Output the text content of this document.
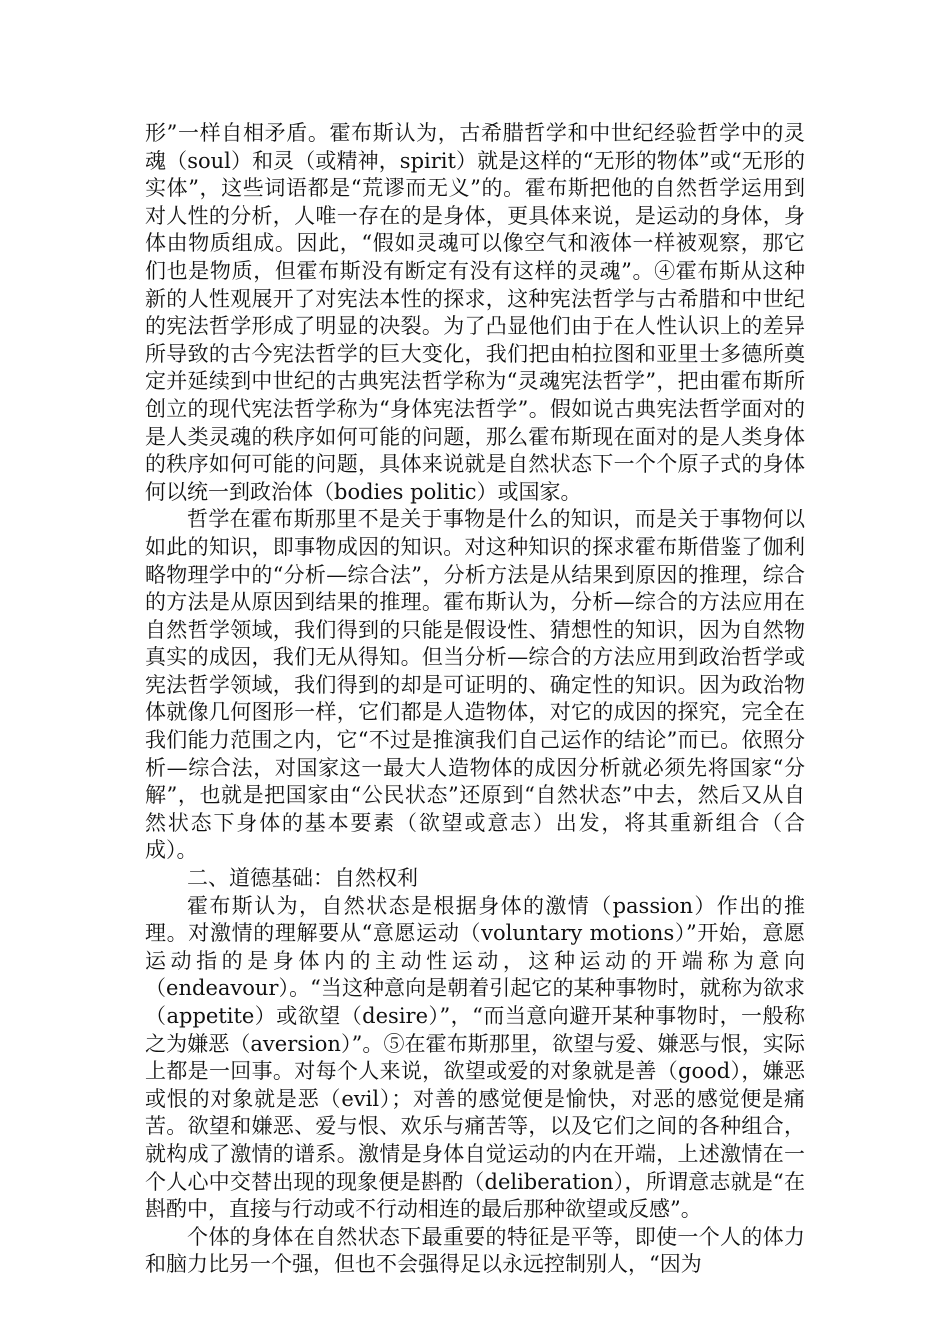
形”一样自相矛盾。霍布斯认为，古希腊哲学和中世纪经验哲学中的灵魂（soul）和灵（或精神，spirit）就是这样的“无形的物体”或“无形的实体”，这些词语都是“荒谬而无义”的。霍布斯把他的自然哲学运用到对人性的分析，人唯一存在的是身体，更具体来说，是运动的身体，身体由物质组成。因此，“假如灵魂可以像空气和液体一样被观察，那它们也是物质，但霍布斯没有断定有没有这样的灵魂”。④霍布斯从这种新的人性观展开了对宪法本性的探求，这种宪法哲学与古希腊和中世纪的宪法哲学形成了明显的决裂。为了凸显他们由于在人性认识上的差异所导致的古今宪法哲学的巨大变化，我们把由柏拉图和亚里士多德所奠定并延续到中世纪的古典宪法哲学称为“灵魂宪法哲学”，把由霍布斯所创立的现代宪法哲学称为“身体宪法哲学”。假如说古典宪法哲学面对的是人类灵魂的秩序如何可能的问题，那么霍布斯现在面对的是人类身体的秩序如何可能的问题，具体来说就是自然状态下一个个原子式的身体何以统一到政治体（bodies politic）或国家。

哲学在霍布斯那里不是关于事物是什么的知识，而是关于事物何以如此的知识，即事物成因的知识。对这种知识的探求霍布斯借鉴了伽利略物理学中的“分析—综合法”，分析方法是从结果到原因的推理，综合的方法是从原因到结果的推理。霍布斯认为，分析—综合的方法应用在自然哲学领域，我们得到的只能是假设性、猜想性的知识，因为自然物真实的成因，我们无从得知。但当分析—综合的方法应用到政治哲学或宪法哲学领域，我们得到的却是可证明的、确定性的知识。因为政治物体就像几何图形一样，它们都是人造物体，对它的成因的探究，完全在我们能力范围之内，它“不过是推演我们自己运作的结论”而已。依照分析—综合法，对国家这一最大人造物体的成因分析就必须先将国家“分解”，也就是把国家由“公民状态”还原到“自然状态”中去，然后又从自然状态下身体的基本要素（欲望或意志）出发，将其重新组合（合成）。

二、道德基础：自然权利

霍布斯认为，自然状态是根据身体的激情（passion）作出的推理。对激情的理解要从“意愿运动（voluntary motions）”开始，意愿运动指的是身体内的主动性运动，这种运动的开端称为意向（endeavour）。“当这种意向是朝着引起它的某种事物时，就称为欲求（appetite）或欲望（desire）”，“而当意向避开某种事物时，一般称之为嫌恶（aversion）”。⑤在霍布斯那里，欲望与爱、嫌恶与恨，实际上都是一回事。对每个人来说，欲望或爱的对象就是善（good），嫌恶或恨的对象就是恶（evil）；对善的感觉便是愉快，对恶的感觉便是痛苦。欲望和嫌恶、爱与恨、欢乐与痛苦等，以及它们之间的各种组合，就构成了激情的谱系。激情是身体自觉运动的内在开端，上述激情在一个人心中交替出现的现象便是斟酌（deliberation），所谓意志就是“在斟酌中，直接与行动或不行动相连的最后那种欲望或反感”。

个体的身体在自然状态下最重要的特征是平等，即使一个人的体力和脑力比另一个强，但也不会强得足以永远控制别人，“因为
